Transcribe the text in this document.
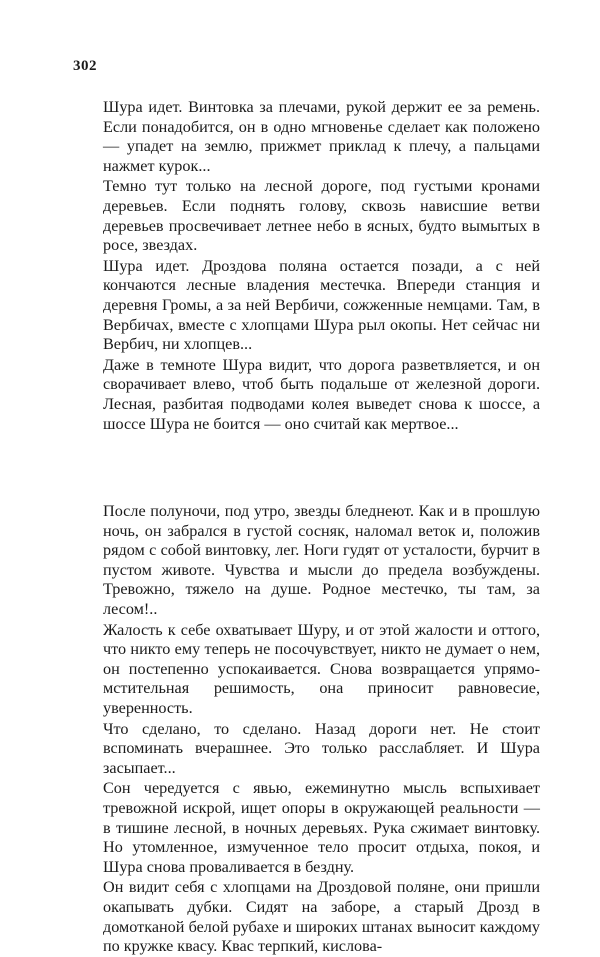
302

Шура идет. Винтовка за плечами, рукой держит ее за ремень. Если понадобится, он в одно мгновенье сделает как положено — упадет на землю, прижмет приклад к плечу, а пальцами нажмет курок...

Темно тут только на лесной дороге, под густыми кронами деревьев. Если поднять голову, сквозь нависшие ветви деревьев просвечивает летнее небо в ясных, будто вымытых в росе, звездах.

Шура идет. Дроздова поляна остается позади, а с ней кончаются лесные владения местечка. Впереди станция и деревня Громы, а за ней Вербичи, сожженные немцами. Там, в Вербичах, вместе с хлопцами Шура рыл окопы. Нет сейчас ни Вербич, ни хлопцев...

Даже в темноте Шура видит, что дорога разветвляется, и он сворачивает влево, чтоб быть подальше от железной дороги. Лесная, разбитая подводами колея выведет снова к шоссе, а шоссе Шура не боится — оно считай как мертвое...

После полуночи, под утро, звезды бледнеют. Как и в прошлую ночь, он забрался в густой сосняк, наломал веток и, положив рядом с собой винтовку, лег. Ноги гудят от усталости, бурчит в пустом животе. Чувства и мысли до предела возбуждены. Тревожно, тяжело на душе. Родное местечко, ты там, за лесом!..

Жалость к себе охватывает Шуру, и от этой жалости и оттого, что никто ему теперь не посочувствует, никто не думает о нем, он постепенно успокаивается. Снова возвращается упрямо-мстительная решимость, она приносит равновесие, уверенность.

Что сделано, то сделано. Назад дороги нет. Не стоит вспоминать вчерашнее. Это только расслабляет. И Шура засыпает...

Сон чередуется с явью, ежеминутно мысль вспыхивает тревожной искрой, ищет опоры в окружающей реальности — в тишине лесной, в ночных деревьях. Рука сжимает винтовку. Но утомленное, измученное тело просит отдыха, покоя, и Шура снова проваливается в бездну.

Он видит себя с хлопцами на Дроздовой поляне, они пришли окапывать дубки. Сидят на заборе, а старый Дрозд в домотканой белой рубахе и широких штанах выносит каждому по кружке квасу. Квас терпкий, кислова-
